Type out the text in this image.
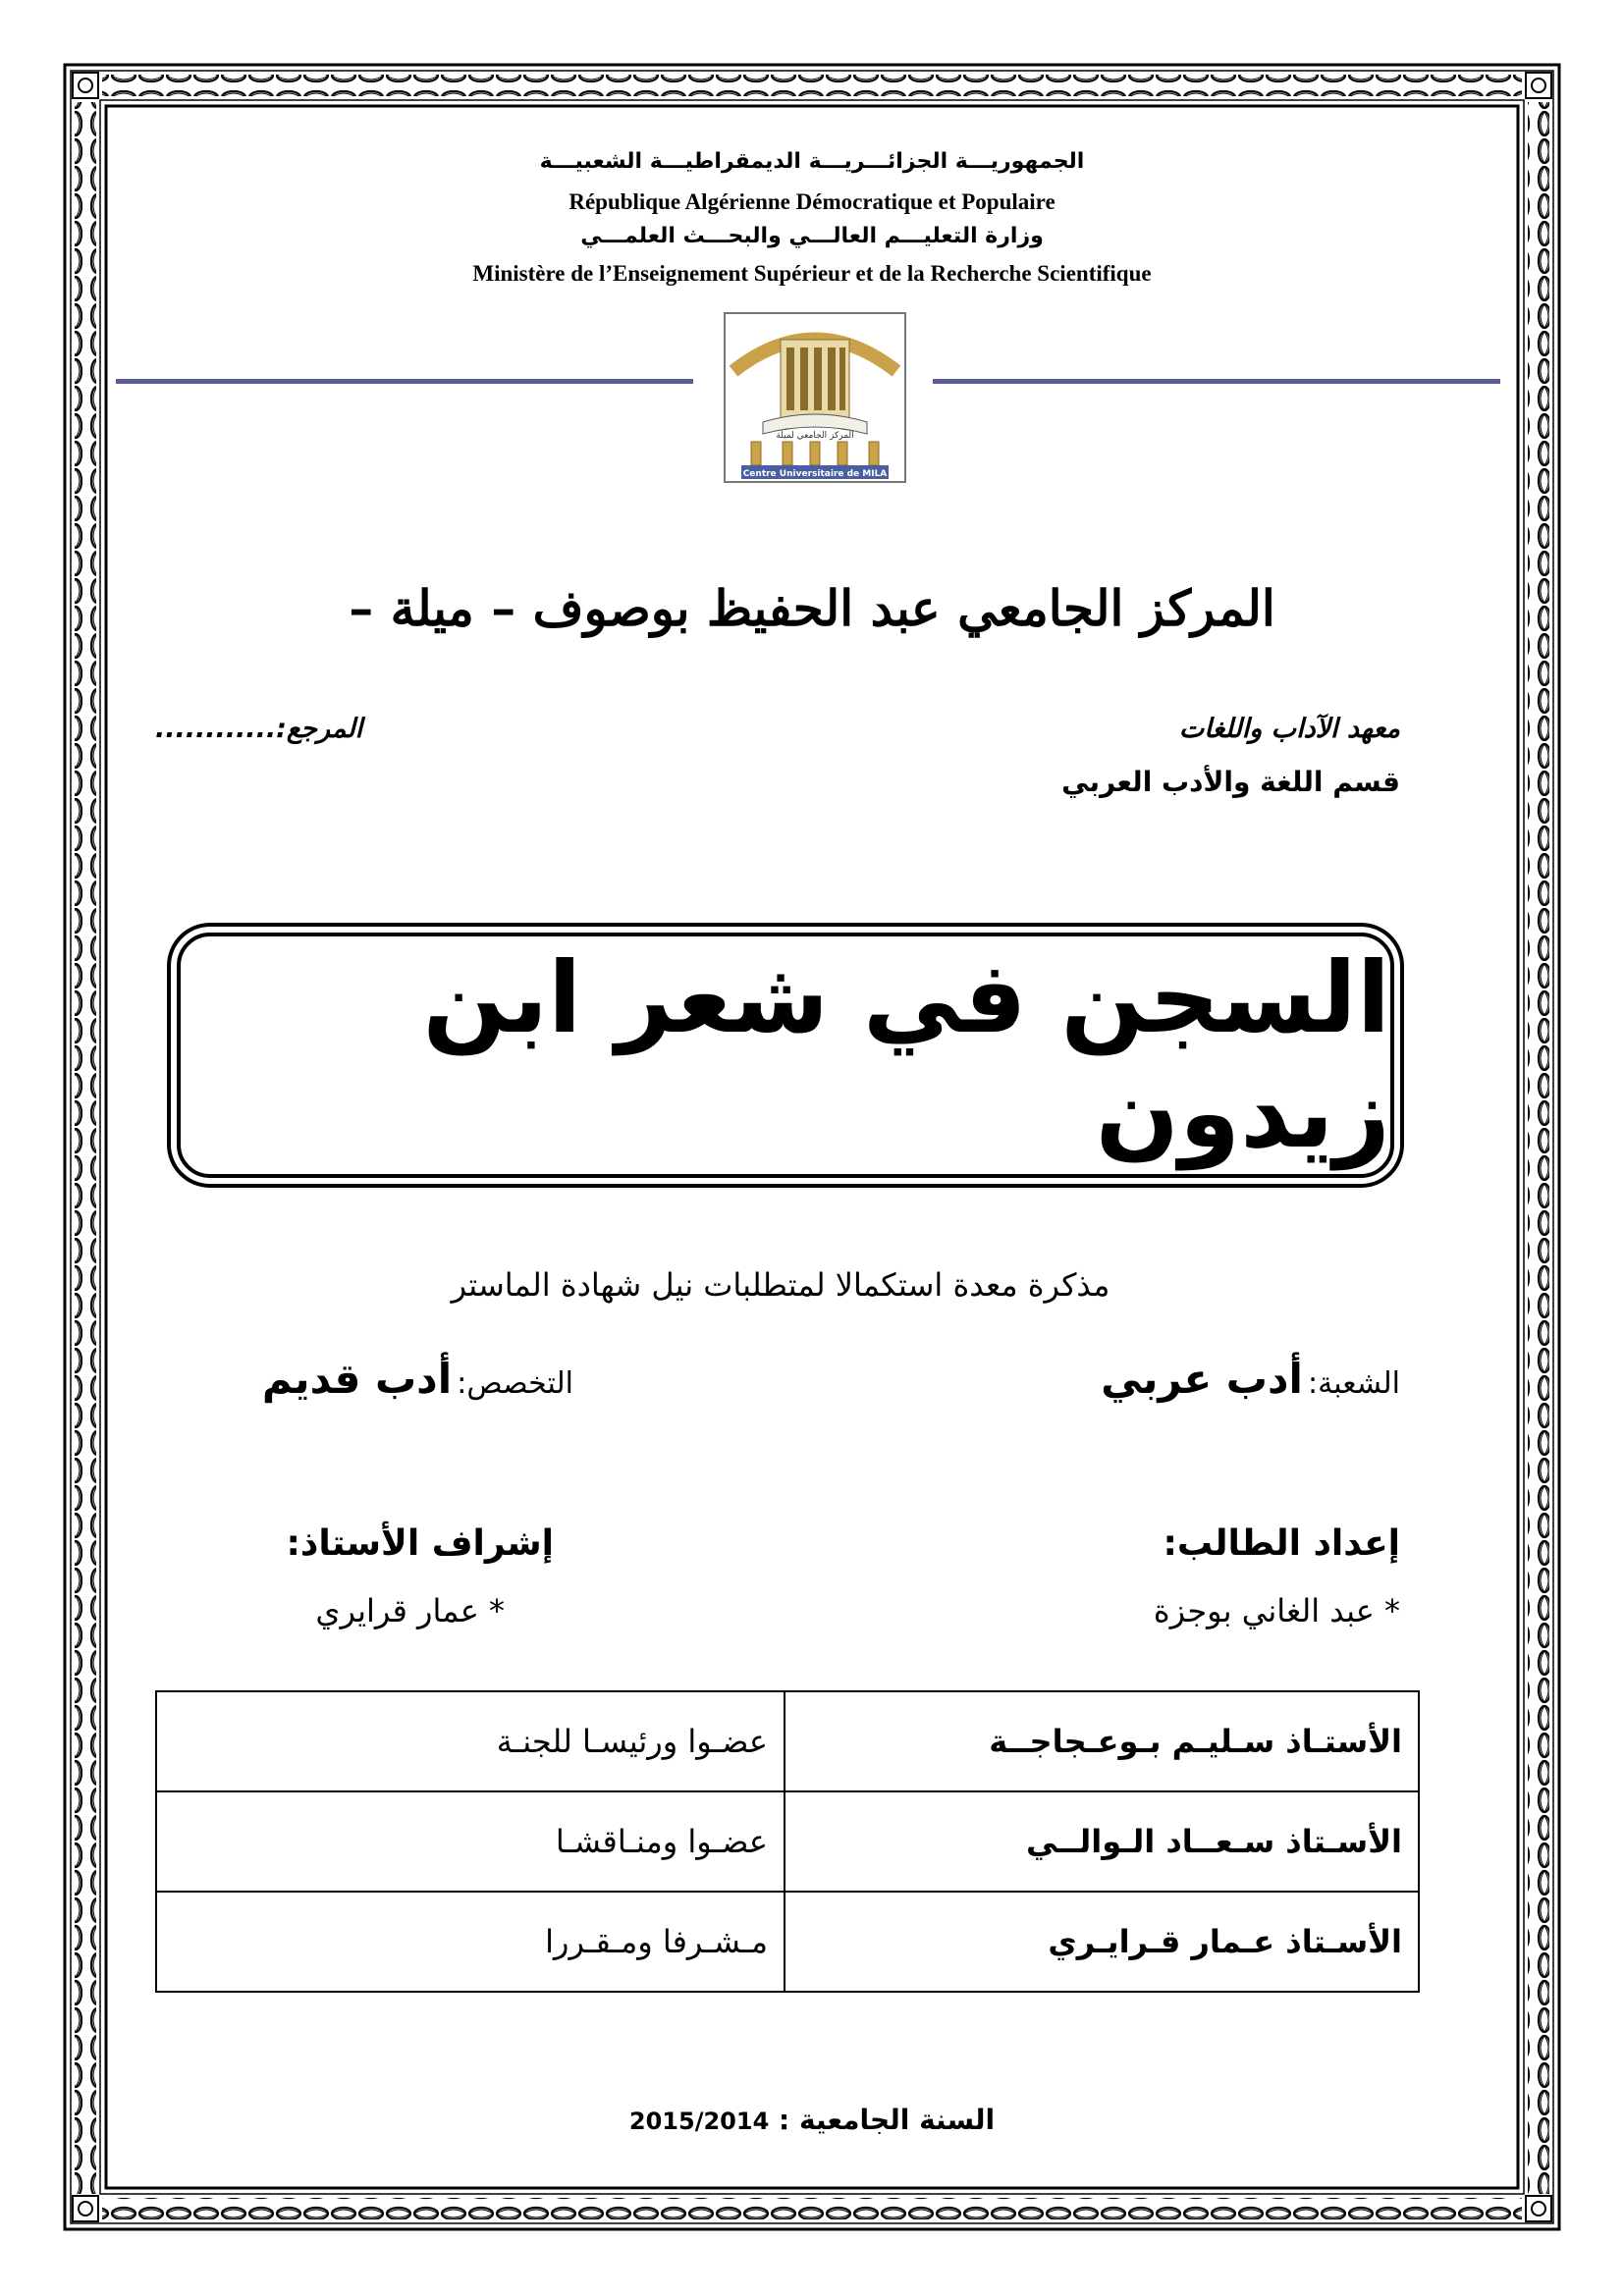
الجمهوريـــة الجزائـــريـــة الديمقراطيـــة الشعبيـــة
République Algérienne Démocratique et Populaire
وزارة التعليـــم العالـــي والبحـــث العلمـــي
Ministère de l’Enseignement Supérieur et de la Recherche Scientifique
Centre Universitaire de MILA
المركز الجامعي لميلة
المركز الجامعي عبد الحفيظ بوصوف – ميلة –
معهد الآداب واللغات
قسم اللغة والأدب العربي
المرجع:............
السجن في شعر ابن زيدون
مذكرة معدة استكمالا لمتطلبات نيل شهادة الماستر
الشعبة: أدب عربي
التخصص: أدب قديم
إعداد الطالب:
* عبد الغاني بوجزة
إشراف الأستاذ:
* عمار قرايري
الأستـاذ سـليـم بـوعـجاجــة	عضـوا ورئيسـا للجنـة
الأسـتاذ سـعــاد الـوالــي	عضـوا ومنـاقشـا
الأسـتاذ عـمار قـرايـري	مـشـرفا ومـقـررا
السنة الجامعية : 2015/2014
